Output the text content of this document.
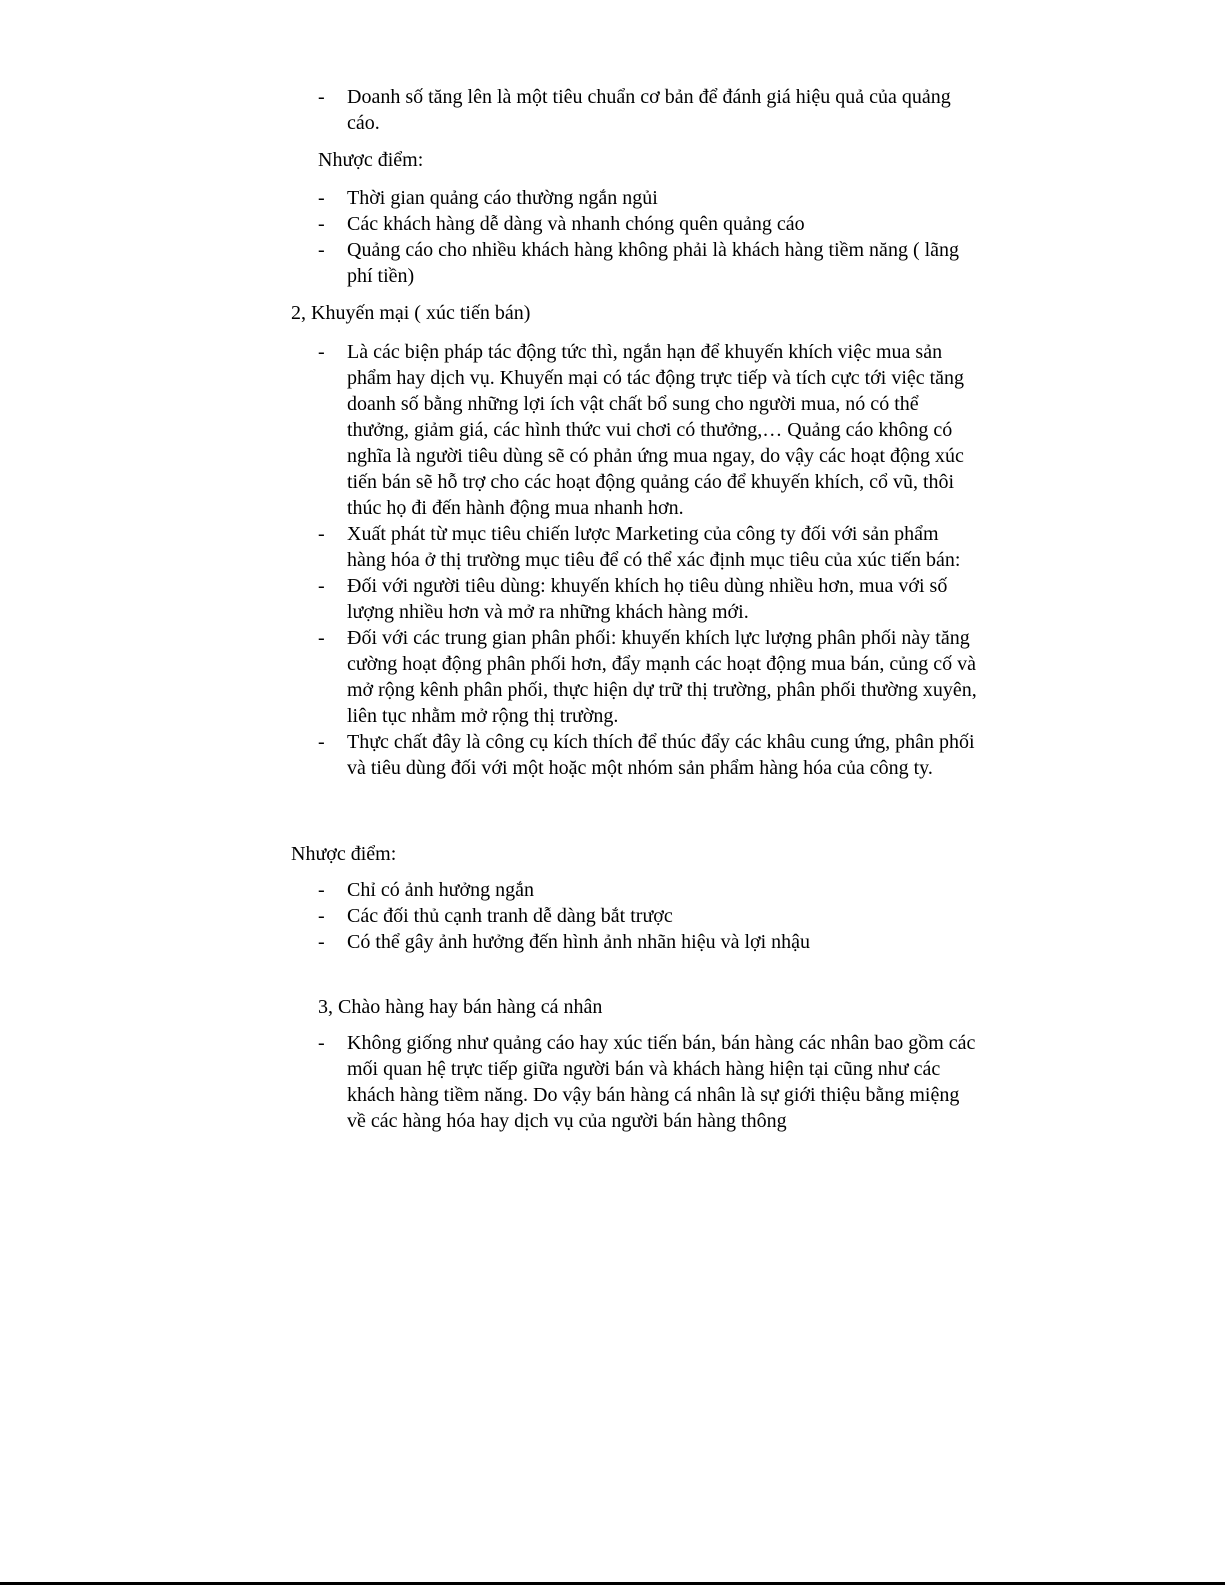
- Doanh số tăng lên là một tiêu chuẩn cơ bản để đánh giá hiệu quả của quảng cáo.
Nhược điểm:
- Thời gian quảng cáo thường ngắn ngủi
- Các khách hàng dễ dàng và nhanh chóng quên quảng cáo
- Quảng cáo cho nhiều khách hàng không phải là khách hàng tiềm năng ( lãng phí tiền)
2, Khuyến mại ( xúc tiến bán)
- Là các biện pháp tác động tức thì, ngắn hạn để khuyến khích việc mua sản phẩm hay dịch vụ. Khuyến mại có tác động trực tiếp và tích cực tới việc tăng doanh số bằng những lợi ích vật chất bổ sung cho người mua, nó có thể thưởng, giảm giá, các hình thức vui chơi có thưởng,… Quảng cáo không có nghĩa là người tiêu dùng sẽ có phản ứng mua ngay, do vậy các hoạt động xúc tiến bán sẽ hỗ trợ cho các hoạt động quảng cáo để khuyến khích, cổ vũ, thôi thúc họ đi đến hành động mua nhanh hơn.
- Xuất phát từ mục tiêu chiến lược Marketing của công ty đối với sản phẩm hàng hóa ở thị trường mục tiêu để có thể xác định mục tiêu của xúc tiến bán:
- Đối với người tiêu dùng: khuyến khích họ tiêu dùng nhiều hơn, mua với số lượng nhiều hơn và mở ra những khách hàng mới.
- Đối với các trung gian phân phối: khuyến khích lực lượng phân phối này tăng cường hoạt động phân phối hơn, đẩy mạnh các hoạt động mua bán, củng cố và mở rộng kênh phân phối, thực hiện dự trữ thị trường, phân phối thường xuyên, liên tục nhằm mở rộng thị trường.
- Thực chất đây là công cụ kích thích để thúc đẩy các khâu cung ứng, phân phối và tiêu dùng đối với một hoặc một nhóm sản phẩm hàng hóa của công ty.
Nhược điểm:
- Chỉ có ảnh hưởng ngắn
- Các đối thủ cạnh tranh dễ dàng bắt trược
- Có thể gây ảnh hưởng đến hình ảnh nhãn hiệu và lợi nhậu
3, Chào hàng hay bán hàng cá nhân
- Không giống như quảng cáo hay xúc tiến bán, bán hàng các nhân bao gồm các mối quan hệ trực tiếp giữa người bán và khách hàng hiện tại cũng như các khách hàng tiềm năng. Do vậy bán hàng cá nhân là sự giới thiệu bằng miệng về các hàng hóa hay dịch vụ của người bán hàng thông
